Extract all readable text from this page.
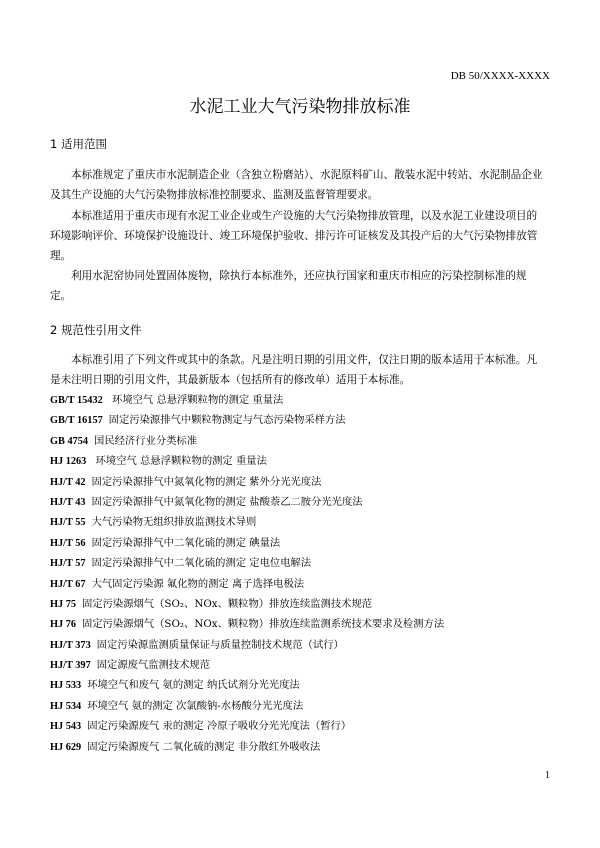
DB 50/XXXX-XXXX
水泥工业大气污染物排放标准
1 适用范围
本标准规定了重庆市水泥制造企业（含独立粉磨站）、水泥原料矿山、散装水泥中转站、水泥制品企业
及其生产设施的大气污染物排放标准控制要求、监测及监督管理要求。
本标准适用于重庆市现有水泥工业企业或生产设施的大气污染物排放管理，以及水泥工业建设项目的
环境影响评价、环境保护设施设计、竣工环境保护验收、排污许可证核发及其投产后的大气污染物排放管
理。
利用水泥窑协同处置固体废物，除执行本标准外，还应执行国家和重庆市相应的污染控制标准的规
定。
2 规范性引用文件
本标准引用了下列文件或其中的条款。凡是注明日期的引用文件，仅注日期的版本适用于本标准。凡
是未注明日期的引用文件，其最新版本（包括所有的修改单）适用于本标准。
GB/T 15432 环境空气 总悬浮颗粒物的测定 重量法
GB/T 16157 固定污染源排气中颗粒物测定与气态污染物采样方法
GB 4754 国民经济行业分类标准
HJ 1263 环境空气 总悬浮颗粒物的测定 重量法
HJ/T 42 固定污染源排气中氮氧化物的测定 紫外分光光度法
HJ/T 43 固定污染源排气中氮氧化物的测定 盐酸萘乙二胺分光光度法
HJ/T 55 大气污染物无组织排放监测技术导则
HJ/T 56 固定污染源排气中二氧化硫的测定 碘量法
HJ/T 57 固定污染源排气中二氧化硫的测定 定电位电解法
HJ/T 67 大气固定污染源 氟化物的测定 离子选择电极法
HJ 75 固定污染源烟气（SO₂、NOx、颗粒物）排放连续监测技术规范
HJ 76 固定污染源烟气（SO₂、NOx、颗粒物）排放连续监测系统技术要求及检测方法
HJ/T 373 固定污染源监测质量保证与质量控制技术规范（试行）
HJ/T 397 固定源废气监测技术规范
HJ 533 环境空气和废气 氨的测定 纳氏试剂分光光度法
HJ 534 环境空气 氨的测定 次氯酸钠-水杨酸分光光度法
HJ 543 固定污染源废气 汞的测定 冷原子吸收分光光度法（暂行）
HJ 629 固定污染源废气 二氧化硫的测定 非分散红外吸收法
1
